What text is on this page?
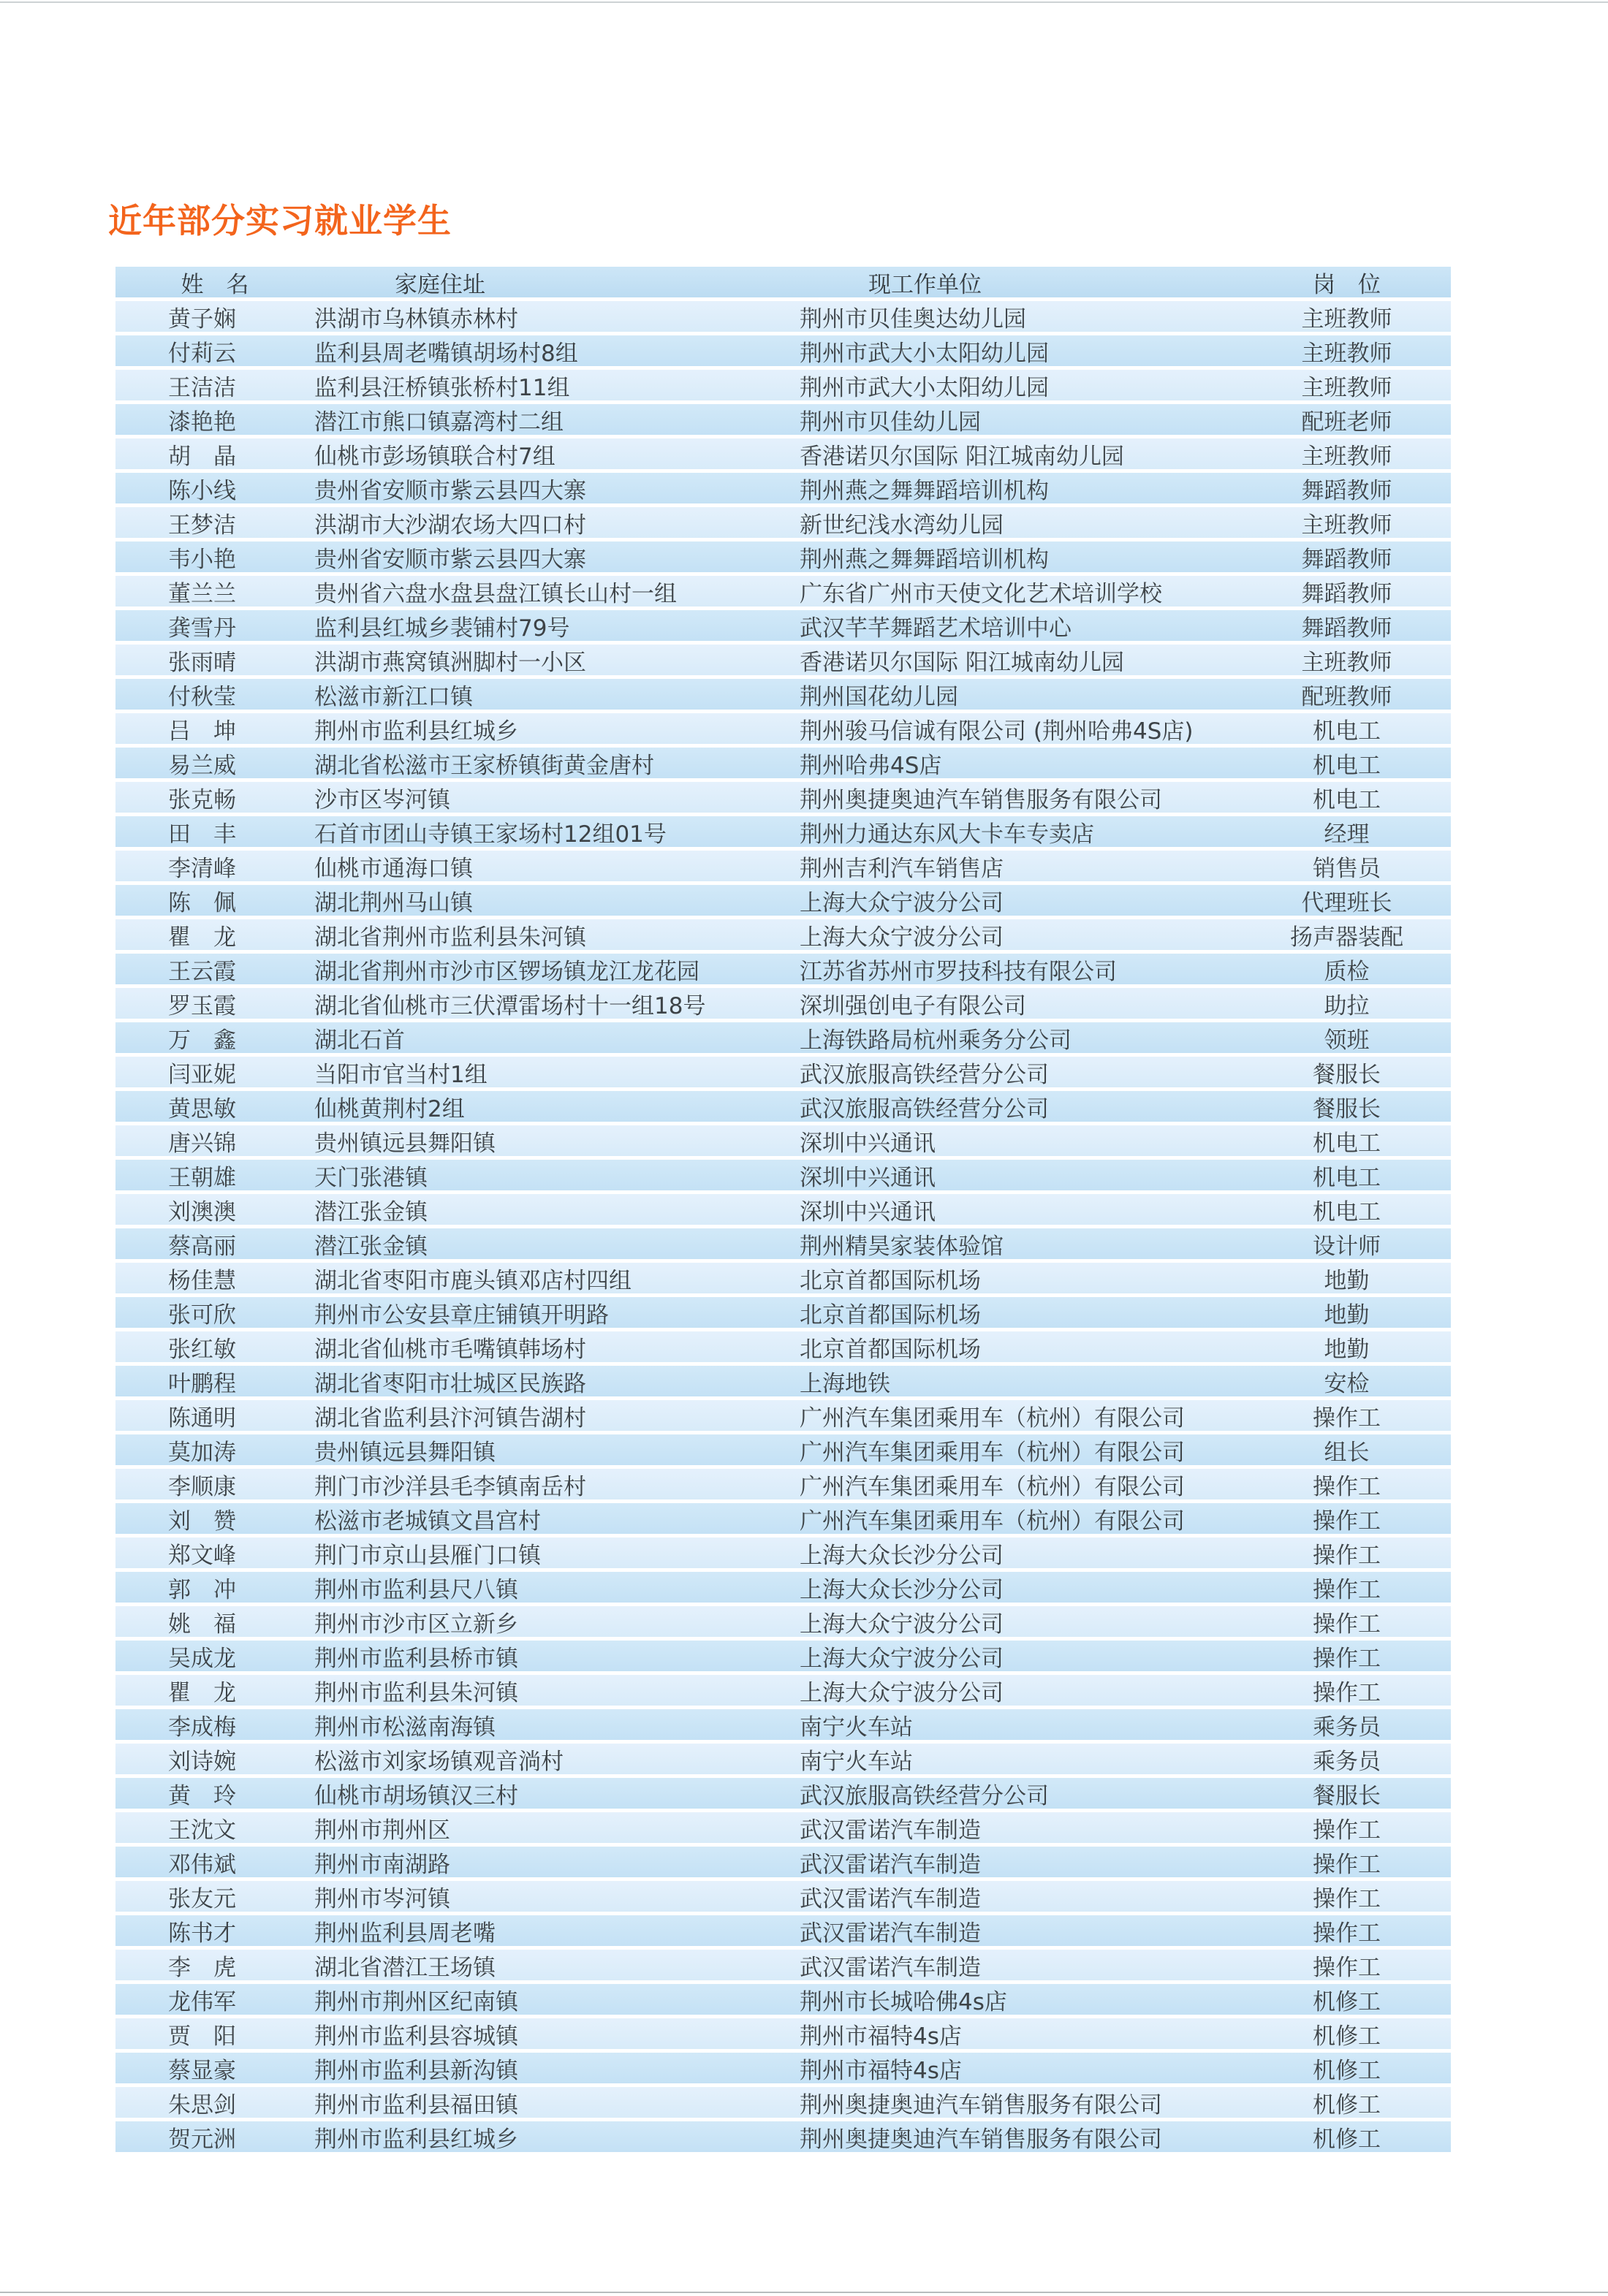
近年部分实习就业学生
姓　名	家庭住址	现工作单位	岗　位
黄子娴	洪湖市乌林镇赤林村	荆州市贝佳奥达幼儿园	主班教师
付莉云	监利县周老嘴镇胡场村8组	荆州市武大小太阳幼儿园	主班教师
王洁洁	监利县汪桥镇张桥村11组	荆州市武大小太阳幼儿园	主班教师
漆艳艳	潜江市熊口镇嘉湾村二组	荆州市贝佳幼儿园	配班老师
胡　晶	仙桃市彭场镇联合村7组	香港诺贝尔国际 阳江城南幼儿园	主班教师
陈小线	贵州省安顺市紫云县四大寨	荆州燕之舞舞蹈培训机构	舞蹈教师
王梦洁	洪湖市大沙湖农场大四口村	新世纪浅水湾幼儿园	主班教师
韦小艳	贵州省安顺市紫云县四大寨	荆州燕之舞舞蹈培训机构	舞蹈教师
董兰兰	贵州省六盘水盘县盘江镇长山村一组	广东省广州市天使文化艺术培训学校	舞蹈教师
龚雪丹	监利县红城乡裴铺村79号	武汉芊芊舞蹈艺术培训中心	舞蹈教师
张雨晴	洪湖市燕窝镇洲脚村一小区	香港诺贝尔国际 阳江城南幼儿园	主班教师
付秋莹	松滋市新江口镇	荆州国花幼儿园	配班教师
吕　坤	荆州市监利县红城乡	荆州骏马信诚有限公司 (荆州哈弗4S店)	机电工
易兰威	湖北省松滋市王家桥镇街黄金唐村	荆州哈弗4S店	机电工
张克畅	沙市区岑河镇	荆州奥捷奥迪汽车销售服务有限公司	机电工
田　丰	石首市团山寺镇王家场村12组01号	荆州力通达东风大卡车专卖店	经理
李清峰	仙桃市通海口镇	荆州吉利汽车销售店	销售员
陈　佩	湖北荆州马山镇	上海大众宁波分公司	代理班长
瞿　龙	湖北省荆州市监利县朱河镇	上海大众宁波分公司	扬声器装配
王云霞	湖北省荆州市沙市区锣场镇龙江龙花园	江苏省苏州市罗技科技有限公司	质检
罗玉霞	湖北省仙桃市三伏潭雷场村十一组18号	深圳强创电子有限公司	助拉
万　鑫	湖北石首	上海铁路局杭州乘务分公司	领班
闫亚妮	当阳市官当村1组	武汉旅服高铁经营分公司	餐服长
黄思敏	仙桃黄荆村2组	武汉旅服高铁经营分公司	餐服长
唐兴锦	贵州镇远县舞阳镇	深圳中兴通讯	机电工
王朝雄	天门张港镇	深圳中兴通讯	机电工
刘澳澳	潜江张金镇	深圳中兴通讯	机电工
蔡高丽	潜江张金镇	荆州精昊家装体验馆	设计师
杨佳慧	湖北省枣阳市鹿头镇邓店村四组	北京首都国际机场	地勤
张可欣	荆州市公安县章庄铺镇开明路	北京首都国际机场	地勤
张红敏	湖北省仙桃市毛嘴镇韩场村	北京首都国际机场	地勤
叶鹏程	湖北省枣阳市壮城区民族路	上海地铁	安检
陈通明	湖北省监利县汴河镇告湖村	广州汽车集团乘用车（杭州）有限公司	操作工
莫加涛	贵州镇远县舞阳镇	广州汽车集团乘用车（杭州）有限公司	组长
李顺康	荆门市沙洋县毛李镇南岳村	广州汽车集团乘用车（杭州）有限公司	操作工
刘　赞	松滋市老城镇文昌宫村	广州汽车集团乘用车（杭州）有限公司	操作工
郑文峰	荆门市京山县雁门口镇	上海大众长沙分公司	操作工
郭　冲	荆州市监利县尺八镇	上海大众长沙分公司	操作工
姚　福	荆州市沙市区立新乡	上海大众宁波分公司	操作工
吴成龙	荆州市监利县桥市镇	上海大众宁波分公司	操作工
瞿　龙	荆州市监利县朱河镇	上海大众宁波分公司	操作工
李成梅	荆州市松滋南海镇	南宁火车站	乘务员
刘诗婉	松滋市刘家场镇观音淌村	南宁火车站	乘务员
黄　玲	仙桃市胡场镇汉三村	武汉旅服高铁经营分公司	餐服长
王沈文	荆州市荆州区	武汉雷诺汽车制造	操作工
邓伟斌	荆州市南湖路	武汉雷诺汽车制造	操作工
张友元	荆州市岑河镇	武汉雷诺汽车制造	操作工
陈书才	荆州监利县周老嘴	武汉雷诺汽车制造	操作工
李　虎	湖北省潜江王场镇	武汉雷诺汽车制造	操作工
龙伟军	荆州市荆州区纪南镇	荆州市长城哈佛4s店	机修工
贾　阳	荆州市监利县容城镇	荆州市福特4s店	机修工
蔡显豪	荆州市监利县新沟镇	荆州市福特4s店	机修工
朱思剑	荆州市监利县福田镇	荆州奥捷奥迪汽车销售服务有限公司	机修工
贺元洲	荆州市监利县红城乡	荆州奥捷奥迪汽车销售服务有限公司	机修工
